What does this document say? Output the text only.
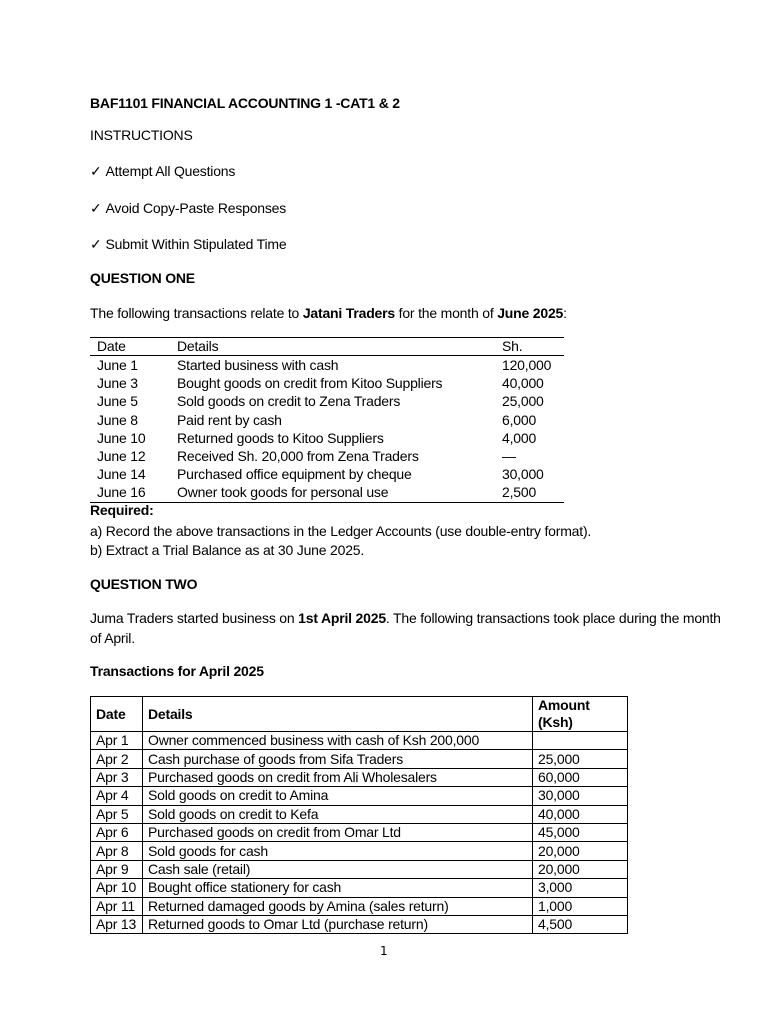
BAF1101 FINANCIAL ACCOUNTING 1 -CAT1 & 2
INSTRUCTIONS
✓ Attempt All Questions
✓ Avoid Copy-Paste Responses
✓ Submit Within Stipulated Time
QUESTION ONE
The following transactions relate to Jatani Traders for the month of June 2025:
Date	Details	Sh.
June 1	Started business with cash	120,000
June 3	Bought goods on credit from Kitoo Suppliers	40,000
June 5	Sold goods on credit to Zena Traders	25,000
June 8	Paid rent by cash	6,000
June 10	Returned goods to Kitoo Suppliers	4,000
June 12	Received Sh. 20,000 from Zena Traders	—
June 14	Purchased office equipment by cheque	30,000
June 16	Owner took goods for personal use	2,500
Required:
a) Record the above transactions in the Ledger Accounts (use double-entry format).
b) Extract a Trial Balance as at 30 June 2025.
QUESTION TWO
Juma Traders started business on 1st April 2025. The following transactions took place during the month
of April.
Transactions for April 2025
Date	Details	Amount (Ksh)
Apr 1	Owner commenced business with cash of Ksh 200,000	
Apr 2	Cash purchase of goods from Sifa Traders	25,000
Apr 3	Purchased goods on credit from Ali Wholesalers	60,000
Apr 4	Sold goods on credit to Amina	30,000
Apr 5	Sold goods on credit to Kefa	40,000
Apr 6	Purchased goods on credit from Omar Ltd	45,000
Apr 8	Sold goods for cash	20,000
Apr 9	Cash sale (retail)	20,000
Apr 10	Bought office stationery for cash	3,000
Apr 11	Returned damaged goods by Amina (sales return)	1,000
Apr 13	Returned goods to Omar Ltd (purchase return)	4,500
1
